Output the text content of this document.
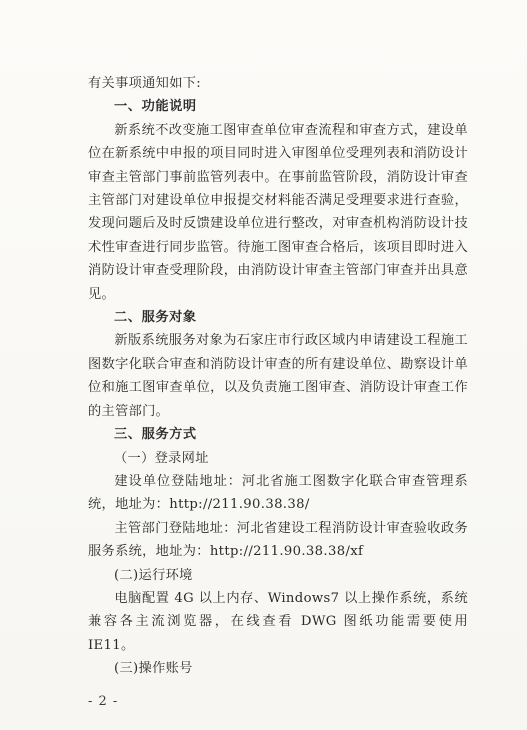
有关事项通知如下:

一、功能说明

新系统不改变施工图审查单位审查流程和审查方式，建设单位在新系统中申报的项目同时进入审图单位受理列表和消防设计审查主管部门事前监管列表中。在事前监管阶段，消防设计审查主管部门对建设单位申报提交材料能否满足受理要求进行查验，发现问题后及时反馈建设单位进行整改，对审查机构消防设计技术性审查进行同步监管。待施工图审查合格后，该项目即时进入消防设计审查受理阶段，由消防设计审查主管部门审查并出具意见。

二、服务对象

新版系统服务对象为石家庄市行政区域内申请建设工程施工图数字化联合审查和消防设计审查的所有建设单位、勘察设计单位和施工图审查单位，以及负责施工图审查、消防设计审查工作的主管部门。

三、服务方式

（一）登录网址

建设单位登陆地址：河北省施工图数字化联合审查管理系统，地址为：http://211.90.38.38/

主管部门登陆地址：河北省建设工程消防设计审查验收政务服务系统，地址为：http://211.90.38.38/xf

(二)运行环境

电脑配置 4G 以上内存、Windows7 以上操作系统，系统兼容各主流浏览器，在线查看 DWG 图纸功能需要使用 IE11。

(三)操作账号

- 2 -
